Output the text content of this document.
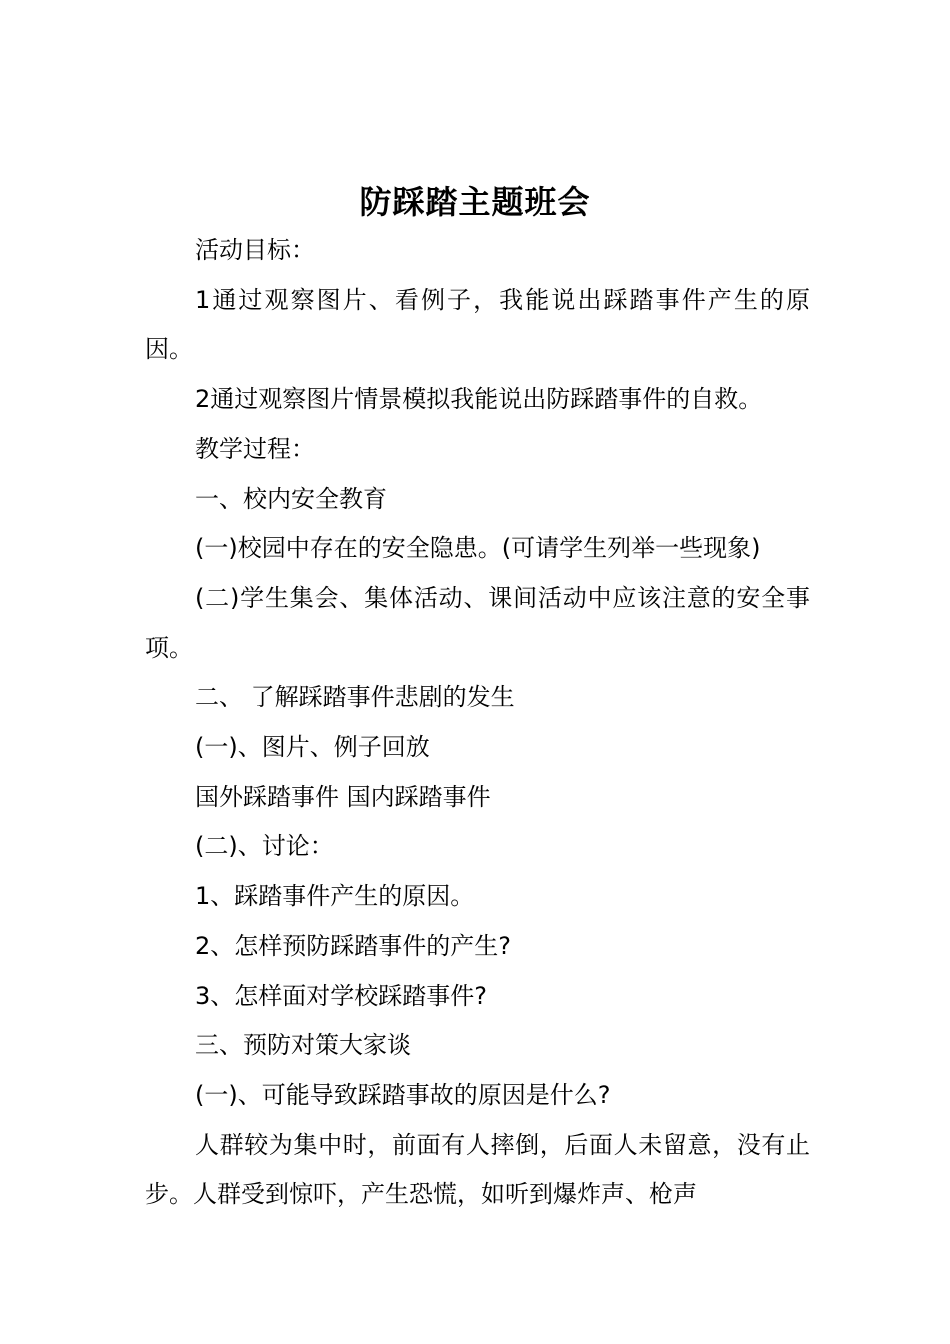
防踩踏主题班会

活动目标：

1通过观察图片、看例子，我能说出踩踏事件产生的原因。

2通过观察图片情景模拟我能说出防踩踏事件的自救。

教学过程：

一、校内安全教育

(一)校园中存在的安全隐患。(可请学生列举一些现象)

(二)学生集会、集体活动、课间活动中应该注意的安全事项。

二、 了解踩踏事件悲剧的发生

(一)、图片、例子回放

国外踩踏事件 国内踩踏事件

(二)、讨论：

1、踩踏事件产生的原因。

2、怎样预防踩踏事件的产生?

3、怎样面对学校踩踏事件?

三、预防对策大家谈

(一)、可能导致踩踏事故的原因是什么?

人群较为集中时，前面有人摔倒，后面人未留意，没有止步。人群受到惊吓，产生恐慌，如听到爆炸声、枪声
